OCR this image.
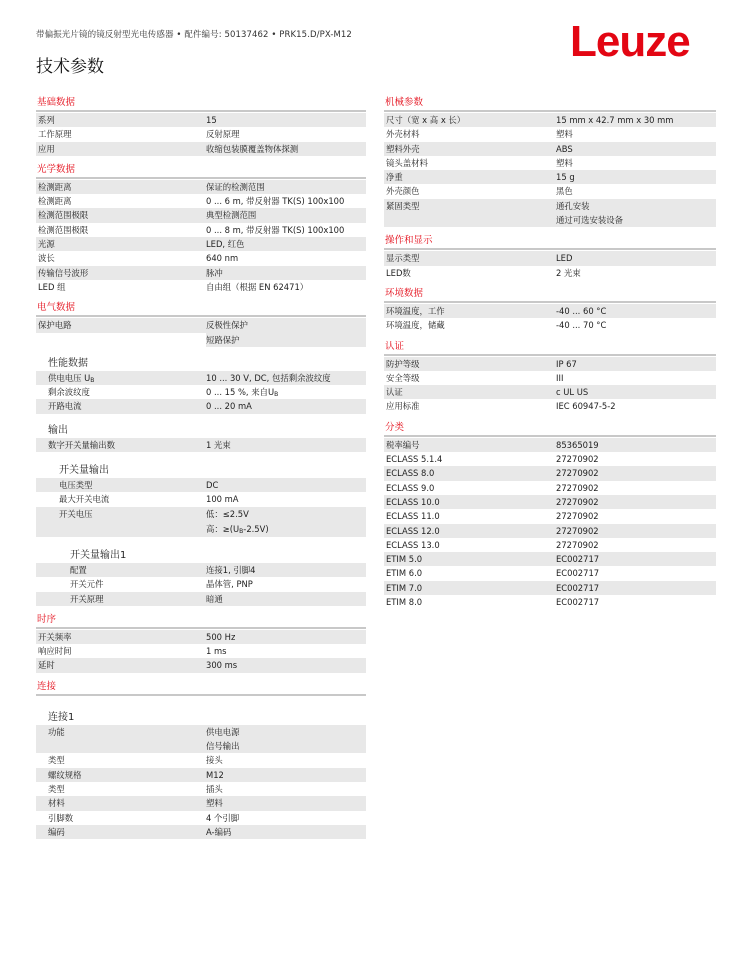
带偏振光片镜的镜反射型光电传感器 • 配件编号: 50137462 • PRK15.D/PX-M12
技术参数
Leuze
基础数据
系列	15
工作原理	反射原理
应用	收缩包装膜覆盖物体探测
光学数据
检测距离	保证的检测范围
检测距离	0 ... 6 m, 带反射器 TK(S) 100x100
检测范围极限	典型检测范围
检测范围极限	0 ... 8 m, 带反射器 TK(S) 100x100
光源	LED, 红色
波长	640 nm
传输信号波形	脉冲
LED 组	自由组（根据 EN 62471）
电气数据
保护电路	反极性保护
短路保护
性能数据
供电电压 $U_B$	10 ... 30 V, DC, 包括剩余波纹度
剩余波纹度	0 ... 15 %, 来自$U_B$
开路电流	0 ... 20 mA
输出
数字开关量输出数	1 光束
开关量输出
电压类型	DC
最大开关电流	100 mA
开关电压	低：≤2.5V
高：$\ge(U_B-2.5V)$
开关量输出1
配置	连接1, 引脚4
开关元件	晶体管, PNP
开关原理	暗通
时序
开关频率	500 Hz
响应时间	1 ms
延时	300 ms
连接
连接1
功能	供电电源
信号输出
类型	接头
螺纹规格	M12
类型	插头
材料	塑料
引脚数	4 个引脚
编码	A-编码
机械参数
尺寸（宽 x 高 x 长）	15 mm x 42.7 mm x 30 mm
外壳材料	塑料
塑料外壳	ABS
镜头盖材料	塑料
净重	15 g
外壳颜色	黑色
紧固类型	通孔安装
通过可选安装设备
操作和显示
显示类型	LED
LED数	2 光束
环境数据
环境温度，工作	-40 ... 60 °C
环境温度，储藏	-40 ... 70 °C
认证
防护等级	IP 67
安全等级	III
认证	c UL US
应用标准	IEC 60947-5-2
分类
税率编号	85365019
ECLASS 5.1.4	27270902
ECLASS 8.0	27270902
ECLASS 9.0	27270902
ECLASS 10.0	27270902
ECLASS 11.0	27270902
ECLASS 12.0	27270902
ECLASS 13.0	27270902
ETIM 5.0	EC002717
ETIM 6.0	EC002717
ETIM 7.0	EC002717
ETIM 8.0	EC002717
